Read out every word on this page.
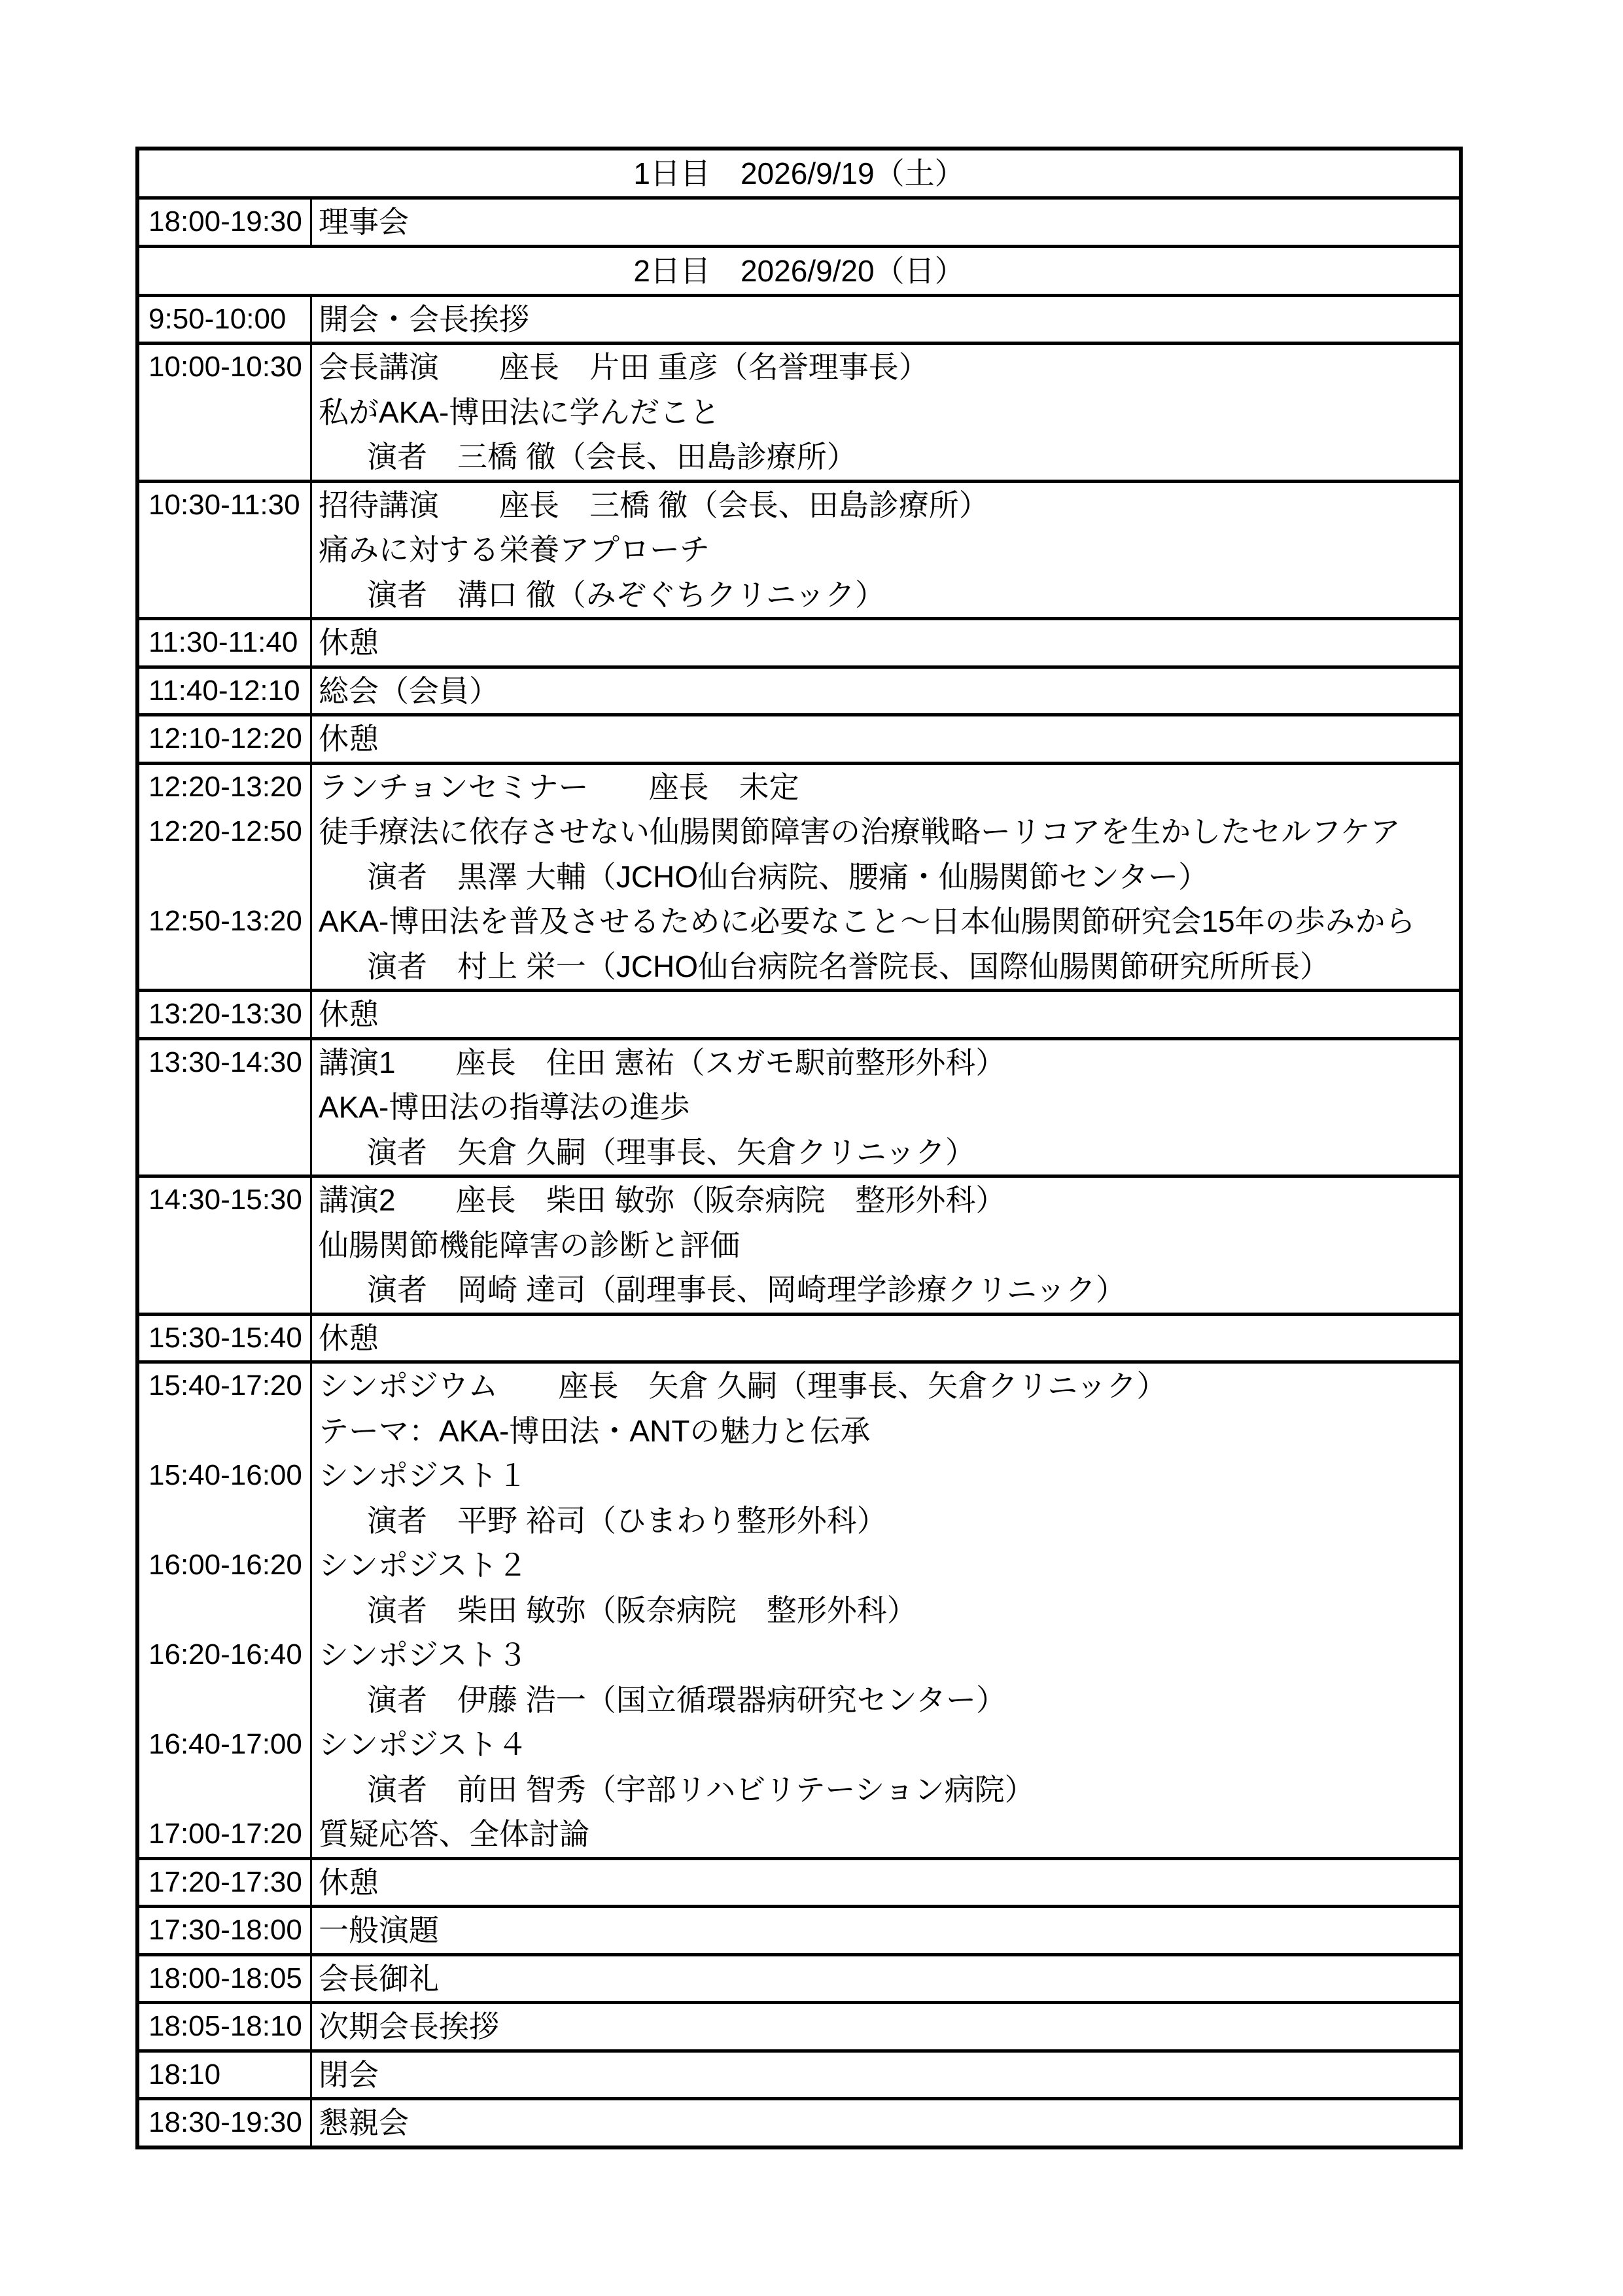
1日目　2026/9/19（土）
18:00-19:30 理事会
2日目　2026/9/20（日）
9:50-10:00	開会・会長挨拶
10:00-10:30

会長講演　　座長　片田 重彦（名誉理事長）
私がAKA-博田法に学んだこと
演者　三橋 徹（会長、田島診療所）
10:30-11:30

招待講演　　座長　三橋 徹（会長、田島診療所）
痛みに対する栄養アプローチ
演者　溝口 徹（みぞぐちクリニック）
11:30-11:40 休憩
11:40-12:10 総会（会員）
12:10-12:20 休憩
12:20-13:20
12:20-12:50

12:50-13:20

ランチョンセミナー　　座長　未定
徒手療法に依存させない仙腸関節障害の治療戦略ーリコアを生かしたセルフケア
演者　黒澤 大輔（JCHO仙台病院、腰痛・仙腸関節センター）
AKA-博田法を普及させるために必要なこと～日本仙腸関節研究会15年の歩みから
演者　村上 栄一（JCHO仙台病院名誉院長、国際仙腸関節研究所所長）
13:20-13:30 休憩
13:30-14:30

講演1　　座長　住田 憲祐（スガモ駅前整形外科）
AKA-博田法の指導法の進歩
演者　矢倉 久嗣（理事長、矢倉クリニック）
14:30-15:30

講演2　　座長　柴田 敏弥（阪奈病院　整形外科）
仙腸関節機能障害の診断と評価
演者　岡崎 達司（副理事長、岡崎理学診療クリニック）
15:30-15:40 休憩
15:40-17:20

15:40-16:00

16:00-16:20

16:20-16:40

16:40-17:00

17:00-17:20
シンポジウム　　座長　矢倉 久嗣（理事長、矢倉クリニック）
テーマ：AKA-博田法・ANTの魅力と伝承
シンポジスト１
演者　平野 裕司（ひまわり整形外科）
シンポジスト２
演者　柴田 敏弥（阪奈病院　整形外科）
シンポジスト３
演者　伊藤 浩一（国立循環器病研究センター）
シンポジスト４
演者　前田 智秀（宇部リハビリテーション病院）
質疑応答、全体討論
17:20-17:30 休憩
17:30-18:00 一般演題
18:00-18:05 会長御礼
18:05-18:10 次期会長挨拶
18:10	閉会
18:30-19:30 懇親会
